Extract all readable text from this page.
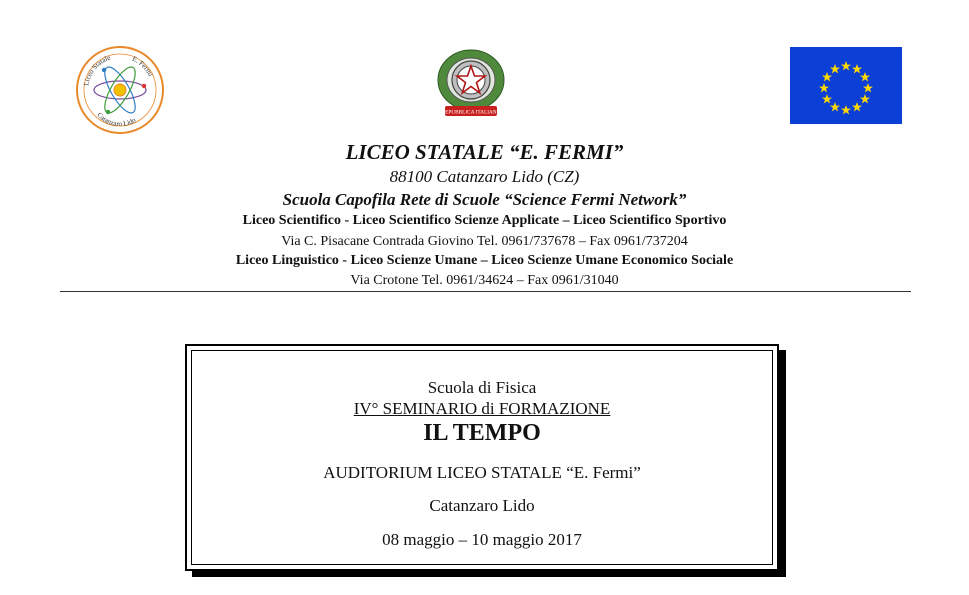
Liceo Statale	E. Fermi
Catanzaro Lido
REPUBBLICA ITALIANA
LICEO STATALE “E. FERMI”
88100 Catanzaro Lido (CZ)
Scuola Capofila Rete di Scuole “Science Fermi Network”
Liceo Scientifico - Liceo Scientifico Scienze Applicate – Liceo Scientifico Sportivo
Via C. Pisacane Contrada Giovino Tel. 0961/737678 – Fax 0961/737204
Liceo Linguistico - Liceo Scienze Umane – Liceo Scienze Umane Economico Sociale
Via Crotone Tel. 0961/34624 – Fax 0961/31040
Scuola di Fisica
IV° SEMINARIO di FORMAZIONE
IL TEMPO
AUDITORIUM LICEO STATALE “E. Fermi”
Catanzaro Lido
08 maggio – 10 maggio 2017
